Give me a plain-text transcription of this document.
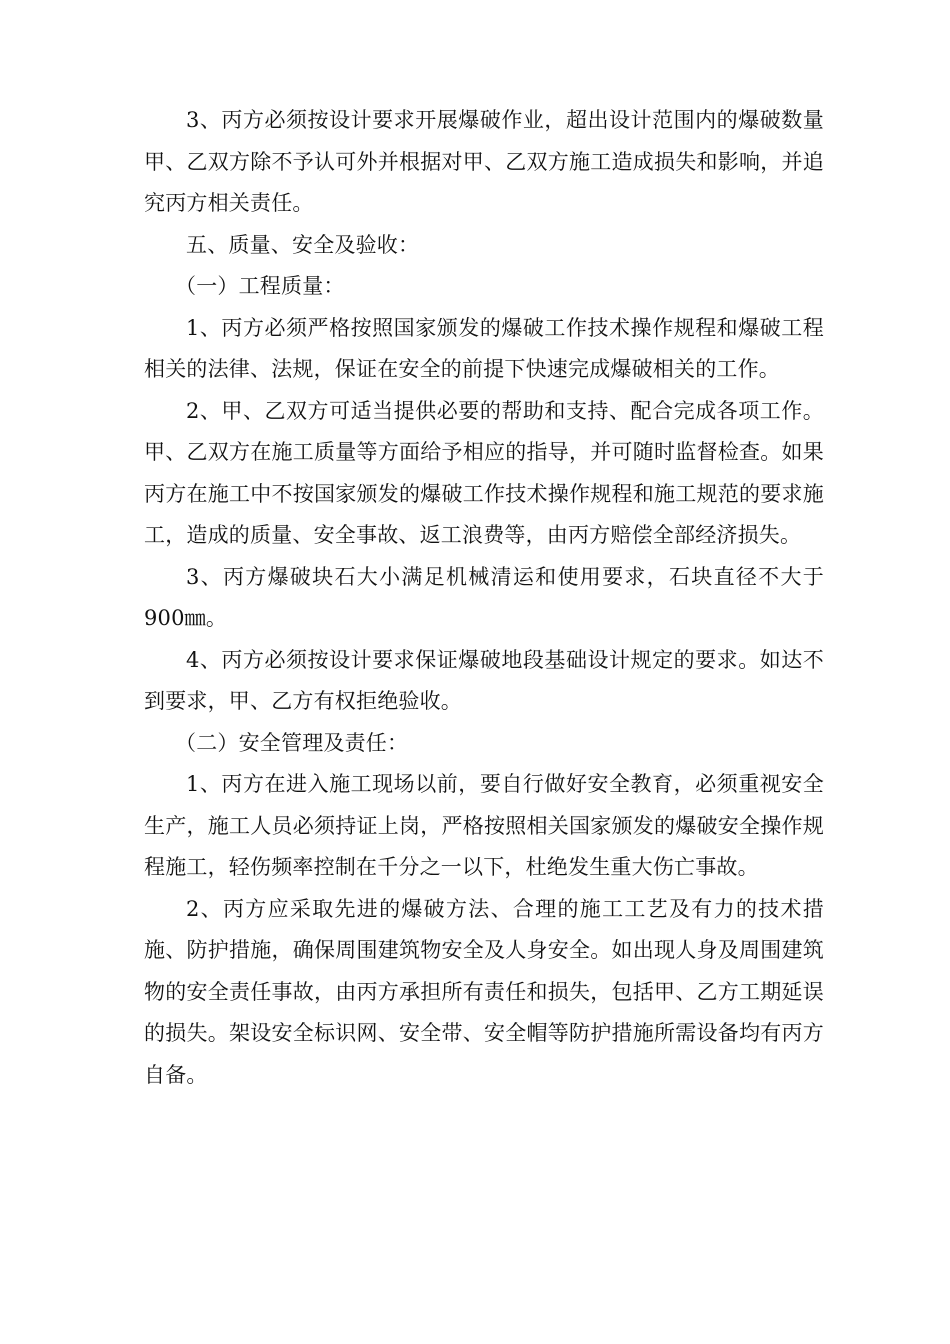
3、丙方必须按设计要求开展爆破作业，超出设计范围内的爆破数量甲、乙双方除不予认可外并根据对甲、乙双方施工造成损失和影响，并追究丙方相关责任。

五、质量、安全及验收：

（一）工程质量：

1、丙方必须严格按照国家颁发的爆破工作技术操作规程和爆破工程相关的法律、法规，保证在安全的前提下快速完成爆破相关的工作。

2、甲、乙双方可适当提供必要的帮助和支持、配合完成各项工作。甲、乙双方在施工质量等方面给予相应的指导，并可随时监督检查。如果丙方在施工中不按国家颁发的爆破工作技术操作规程和施工规范的要求施工，造成的质量、安全事故、返工浪费等，由丙方赔偿全部经济损失。

3、丙方爆破块石大小满足机械清运和使用要求，石块直径不大于900㎜。

4、丙方必须按设计要求保证爆破地段基础设计规定的要求。如达不到要求，甲、乙方有权拒绝验收。

（二）安全管理及责任：

1、丙方在进入施工现场以前，要自行做好安全教育，必须重视安全生产，施工人员必须持证上岗，严格按照相关国家颁发的爆破安全操作规程施工，轻伤频率控制在千分之一以下，杜绝发生重大伤亡事故。

2、丙方应采取先进的爆破方法、合理的施工工艺及有力的技术措施、防护措施，确保周围建筑物安全及人身安全。如出现人身及周围建筑物的安全责任事故，由丙方承担所有责任和损失，包括甲、乙方工期延误的损失。架设安全标识网、安全带、安全帽等防护措施所需设备均有丙方自备。
